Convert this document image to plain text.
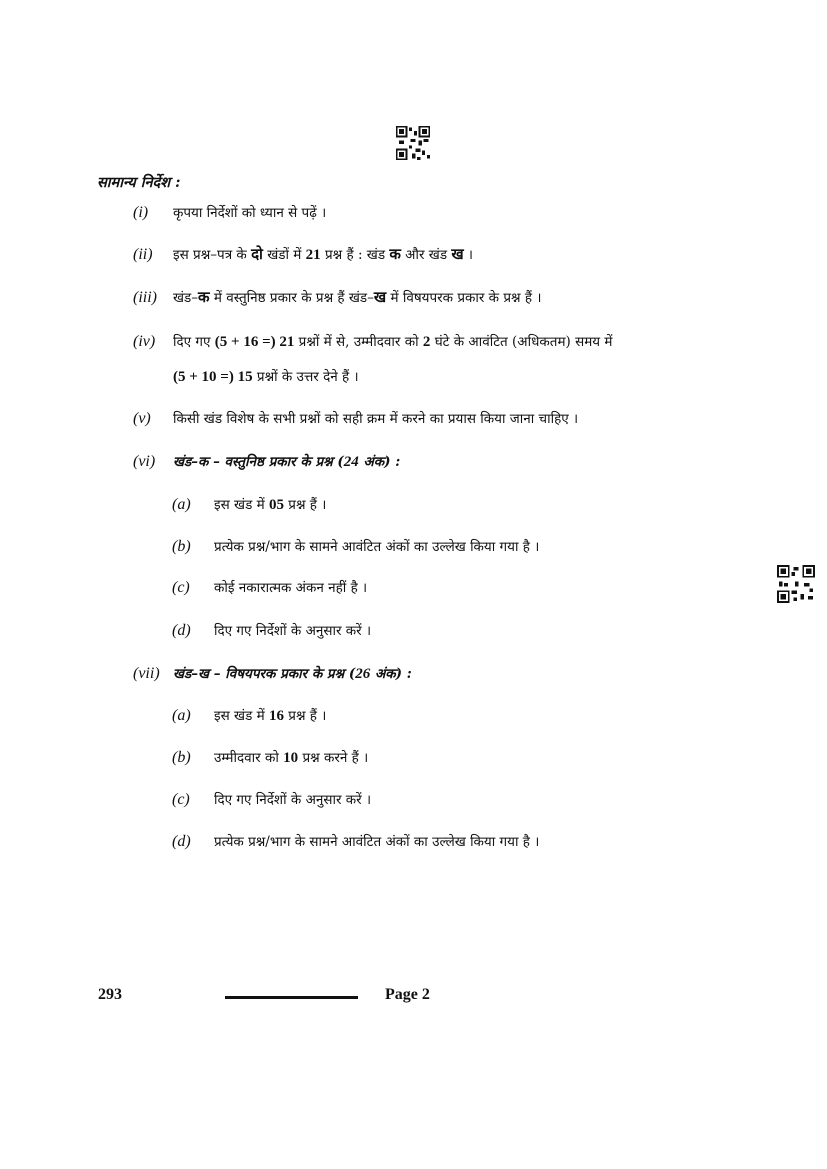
सामान्य निर्देश :
(i) कृपया निर्देशों को ध्यान से पढ़ें ।
(ii) इस प्रश्न–पत्र के दो खंडों में 21 प्रश्न हैं : खंड क और खंड ख ।
(iii) खंड–क में वस्तुनिष्ठ प्रकार के प्रश्न हैं खंड–ख में विषयपरक प्रकार के प्रश्न हैं ।
(iv) दिए गए (5 + 16 =) 21 प्रश्नों में से, उम्मीदवार को 2 घंटे के आवंटित (अधिकतम) समय में
(5 + 10 =) 15 प्रश्नों के उत्तर देने हैं ।
(v) किसी खंड विशेष के सभी प्रश्नों को सही क्रम में करने का प्रयास किया जाना चाहिए ।
(vi) खंड–क – वस्तुनिष्ठ प्रकार के प्रश्न (24 अंक) :
(a) इस खंड में 05 प्रश्न हैं ।
(b) प्रत्येक प्रश्न/भाग के सामने आवंटित अंकों का उल्लेख किया गया है ।
(c) कोई नकारात्मक अंकन नहीं है ।
(d) दिए गए निर्देशों के अनुसार करें ।
(vii) खंड–ख – विषयपरक प्रकार के प्रश्न (26 अंक) :
(a) इस खंड में 16 प्रश्न हैं ।
(b) उम्मीदवार को 10 प्रश्न करने हैं ।
(c) दिए गए निर्देशों के अनुसार करें ।
(d) प्रत्येक प्रश्न/भाग के सामने आवंटित अंकों का उल्लेख किया गया है ।
293	Page 2
